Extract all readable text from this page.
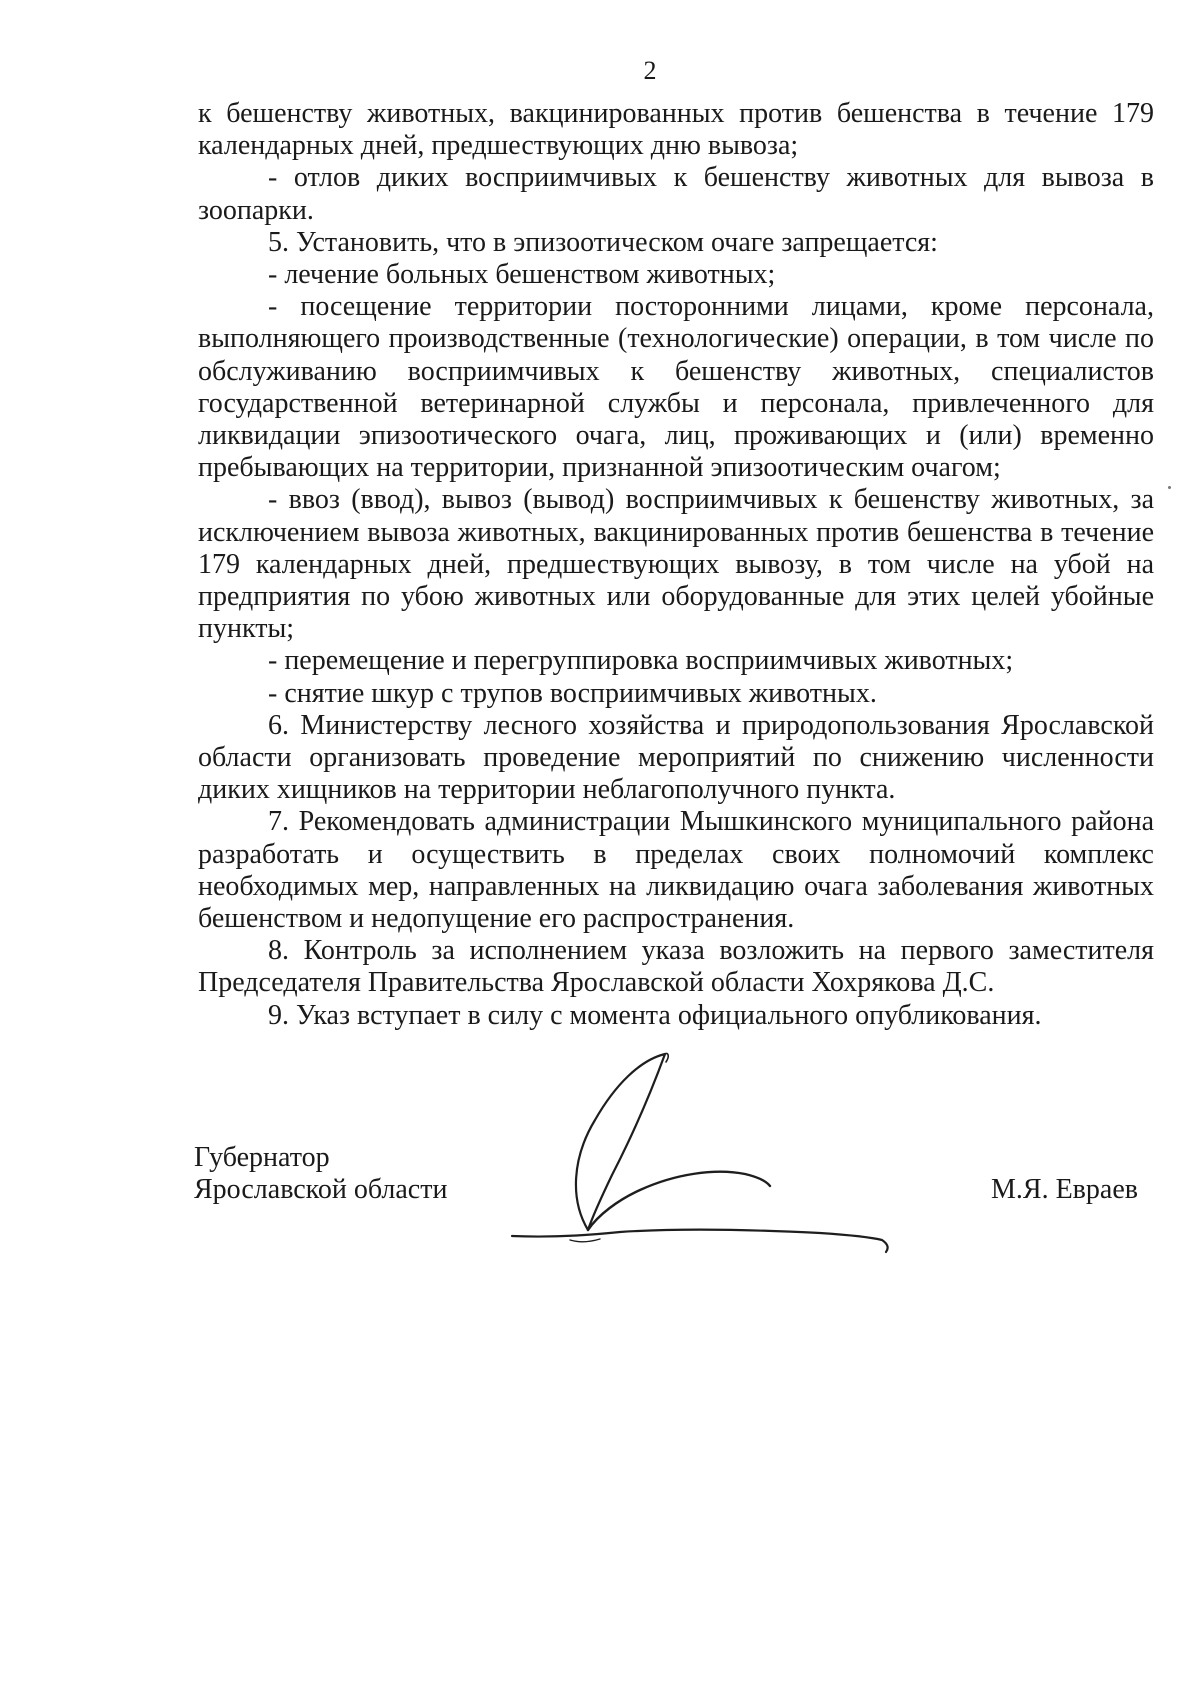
2

к бешенству животных, вакцинированных против бешенства в течение 179 календарных дней, предшествующих дню вывоза;

- отлов диких восприимчивых к бешенству животных для вывоза в зоопарки.

5. Установить, что в эпизоотическом очаге запрещается:

- лечение больных бешенством животных;

- посещение территории посторонними лицами, кроме персонала, выполняющего производственные (технологические) операции, в том числе по обслуживанию восприимчивых к бешенству животных, специалистов государственной ветеринарной службы и персонала, привлеченного для ликвидации эпизоотического очага, лиц, проживающих и (или) временно пребывающих на территории, признанной эпизоотическим очагом;

- ввоз (ввод), вывоз (вывод) восприимчивых к бешенству животных, за исключением вывоза животных, вакцинированных против бешенства в течение 179 календарных дней, предшествующих вывозу, в том числе на убой на предприятия по убою животных или оборудованные для этих целей убойные пункты;

- перемещение и перегруппировка восприимчивых животных;

- снятие шкур с трупов восприимчивых животных.

6. Министерству лесного хозяйства и природопользования Ярославской области организовать проведение мероприятий по снижению численности диких хищников на территории неблагополучного пункта.

7. Рекомендовать администрации Мышкинского муниципального района разработать и осуществить в пределах своих полномочий комплекс необходимых мер, направленных на ликвидацию очага заболевания животных бешенством и недопущение его распространения.

8. Контроль за исполнением указа возложить на первого заместителя Председателя Правительства Ярославской области Хохрякова Д.С.

9. Указ вступает в силу с момента официального опубликования.

Губернатор
Ярославской области	М.Я. Евраев
